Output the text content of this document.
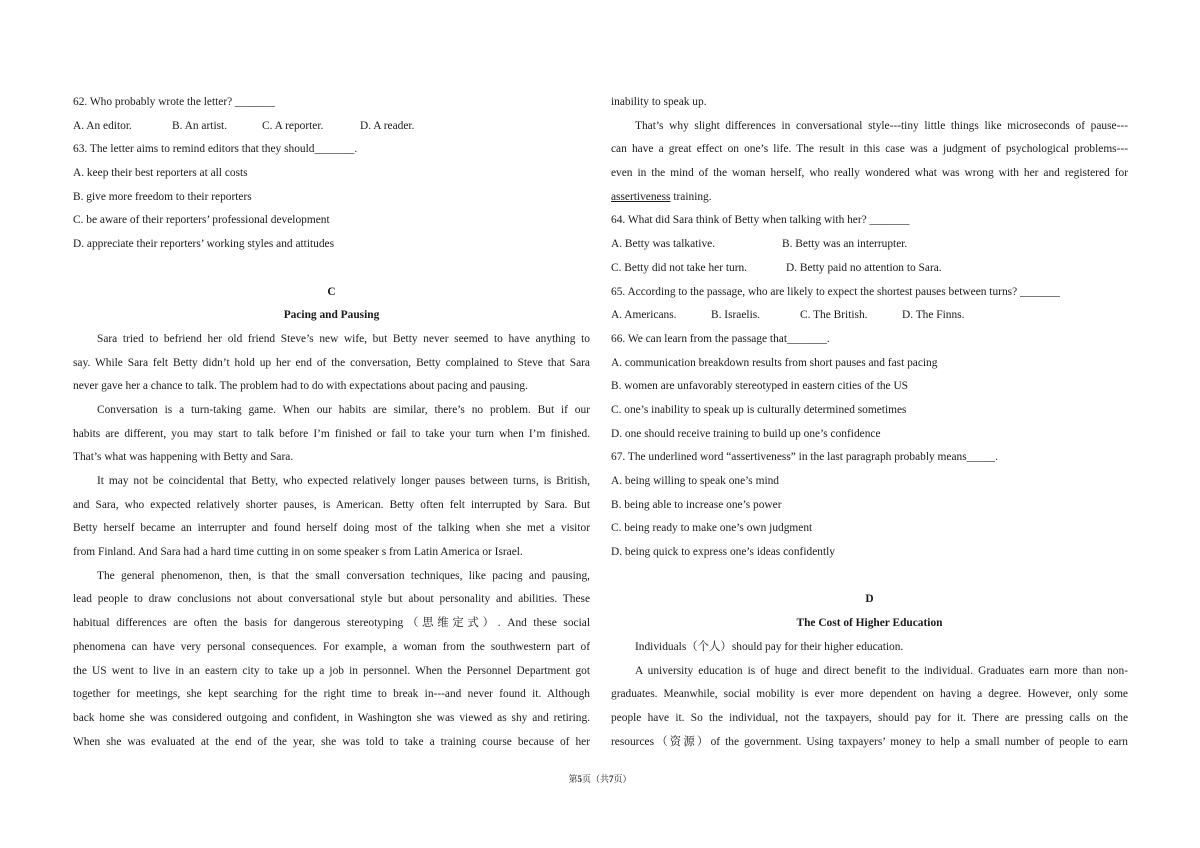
62. Who probably wrote the letter? _______
A. An editor.	B. An artist.	C. A reporter.	D. A reader.
63. The letter aims to remind editors that they should_______.
A. keep their best reporters at all costs
B. give more freedom to their reporters
C. be aware of their reporters’ professional development
D. appreciate their reporters’ working styles and attitudes
C
Pacing and Pausing
Sara tried to befriend her old friend Steve’s new wife, but Betty never seemed to have anything to
say. While Sara felt Betty didn’t hold up her end of the conversation, Betty complained to Steve that Sara
never gave her a chance to talk. The problem had to do with expectations about pacing and pausing.
Conversation is a turn-taking game. When our habits are similar, there’s no problem. But if our
habits are different, you may start to talk before I’m finished or fail to take your turn when I’m finished.
That’s what was happening with Betty and Sara.
It may not be coincidental that Betty, who expected relatively longer pauses between turns, is British,
and Sara, who expected relatively shorter pauses, is American. Betty often felt interrupted by Sara. But
Betty herself became an interrupter and found herself doing most of the talking when she met a visitor
from Finland. And Sara had a hard time cutting in on some speaker s from Latin America or Israel.
The general phenomenon, then, is that the small conversation techniques, like pacing and pausing,
lead people to draw conclusions not about conversational style but about personality and abilities. These
habitual differences are often the basis for dangerous stereotyping（思维定式）. And these social
phenomena can have very personal consequences. For example, a woman from the southwestern part of
the US went to live in an eastern city to take up a job in personnel. When the Personnel Department got
together for meetings, she kept searching for the right time to break in---and never found it. Although
back home she was considered outgoing and confident, in Washington she was viewed as shy and retiring.
When she was evaluated at the end of the year, she was told to take a training course because of her
inability to speak up.
That’s why slight differences in conversational style---tiny little things like microseconds of pause---
can have a great effect on one’s life. The result in this case was a judgment of psychological problems---
even in the mind of the woman herself, who really wondered what was wrong with her and registered for
assertiveness training.
64. What did Sara think of Betty when talking with her? _______
A. Betty was talkative.	B. Betty was an interrupter.
C. Betty did not take her turn.	D. Betty paid no attention to Sara.
65. According to the passage, who are likely to expect the shortest pauses between turns? _______
A. Americans.	B. Israelis.	C. The British.	D. The Finns.
66. We can learn from the passage that_______.
A. communication breakdown results from short pauses and fast pacing
B. women are unfavorably stereotyped in eastern cities of the US
C. one’s inability to speak up is culturally determined sometimes
D. one should receive training to build up one’s confidence
67. The underlined word “assertiveness” in the last paragraph probably means_____.
A. being willing to speak one’s mind
B. being able to increase one’s power
C. being ready to make one’s own judgment
D. being quick to express one’s ideas confidently
D
The Cost of Higher Education
Individuals（个人）should pay for their higher education.
A university education is of huge and direct benefit to the individual. Graduates earn more than non-
graduates. Meanwhile, social mobility is ever more dependent on having a degree. However, only some
people have it. So the individual, not the taxpayers, should pay for it. There are pressing calls on the
resources（资源）of the government. Using taxpayers’ money to help a small number of people to earn
第5页（共7页）
